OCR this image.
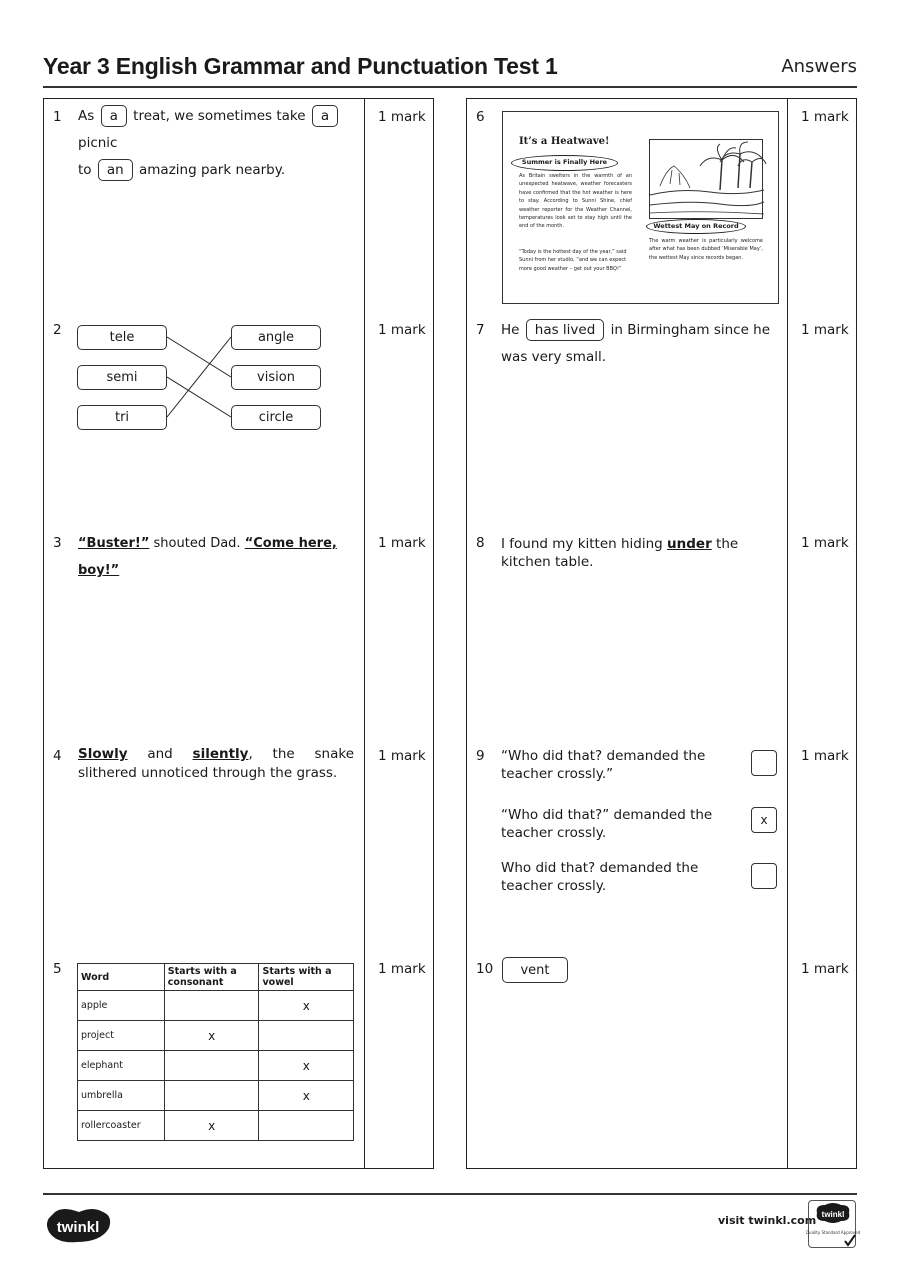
Year 3 English Grammar and Punctuation Test 1	Answers
1 As a treat, we sometimes take a picnic
to an amazing park nearby.
1 mark
2	tele
semi
tri
angle
vision
circle
1 mark
3 “Buster!” shouted Dad. “Come here, boy!”
1 mark
4 Slowly and silently, the snake slithered unnoticed through the grass.
1 mark
5 Word	Starts with a consonant	Starts with a vowel
apple		x
project	x	
elephant		x
umbrella		x
rollercoaster	x	
1 mark
6
It’s a Heatwave!
Summer is Finally Here
As Britain swelters in the warmth of an unexpected heatwave, weather forecasters have confirmed that the hot weather is here to stay. According to Sunni Shine, chief weather reporter for the Weather Channel, temperatures look set to stay high until the end of the month.
“Today is the hottest day of the year,” said Sunni from her studio, “and we can expect more good weather – get out your BBQ!”
Wettest May on Record
The warm weather is particularly welcome after what has been dubbed ‘Miserable May’, the wettest May since records began.
1 mark
7 He has lived in Birmingham since he was very small.
1 mark
8 I found my kitten hiding under the kitchen table.
1 mark
9 “Who did that? demanded the teacher crossly.”
“Who did that?” demanded the teacher crossly.
x
Who did that? demanded the teacher crossly.
1 mark
10	vent	1 mark
twinkl	visit twinkl.com twinkl
Quality Standard Approved
